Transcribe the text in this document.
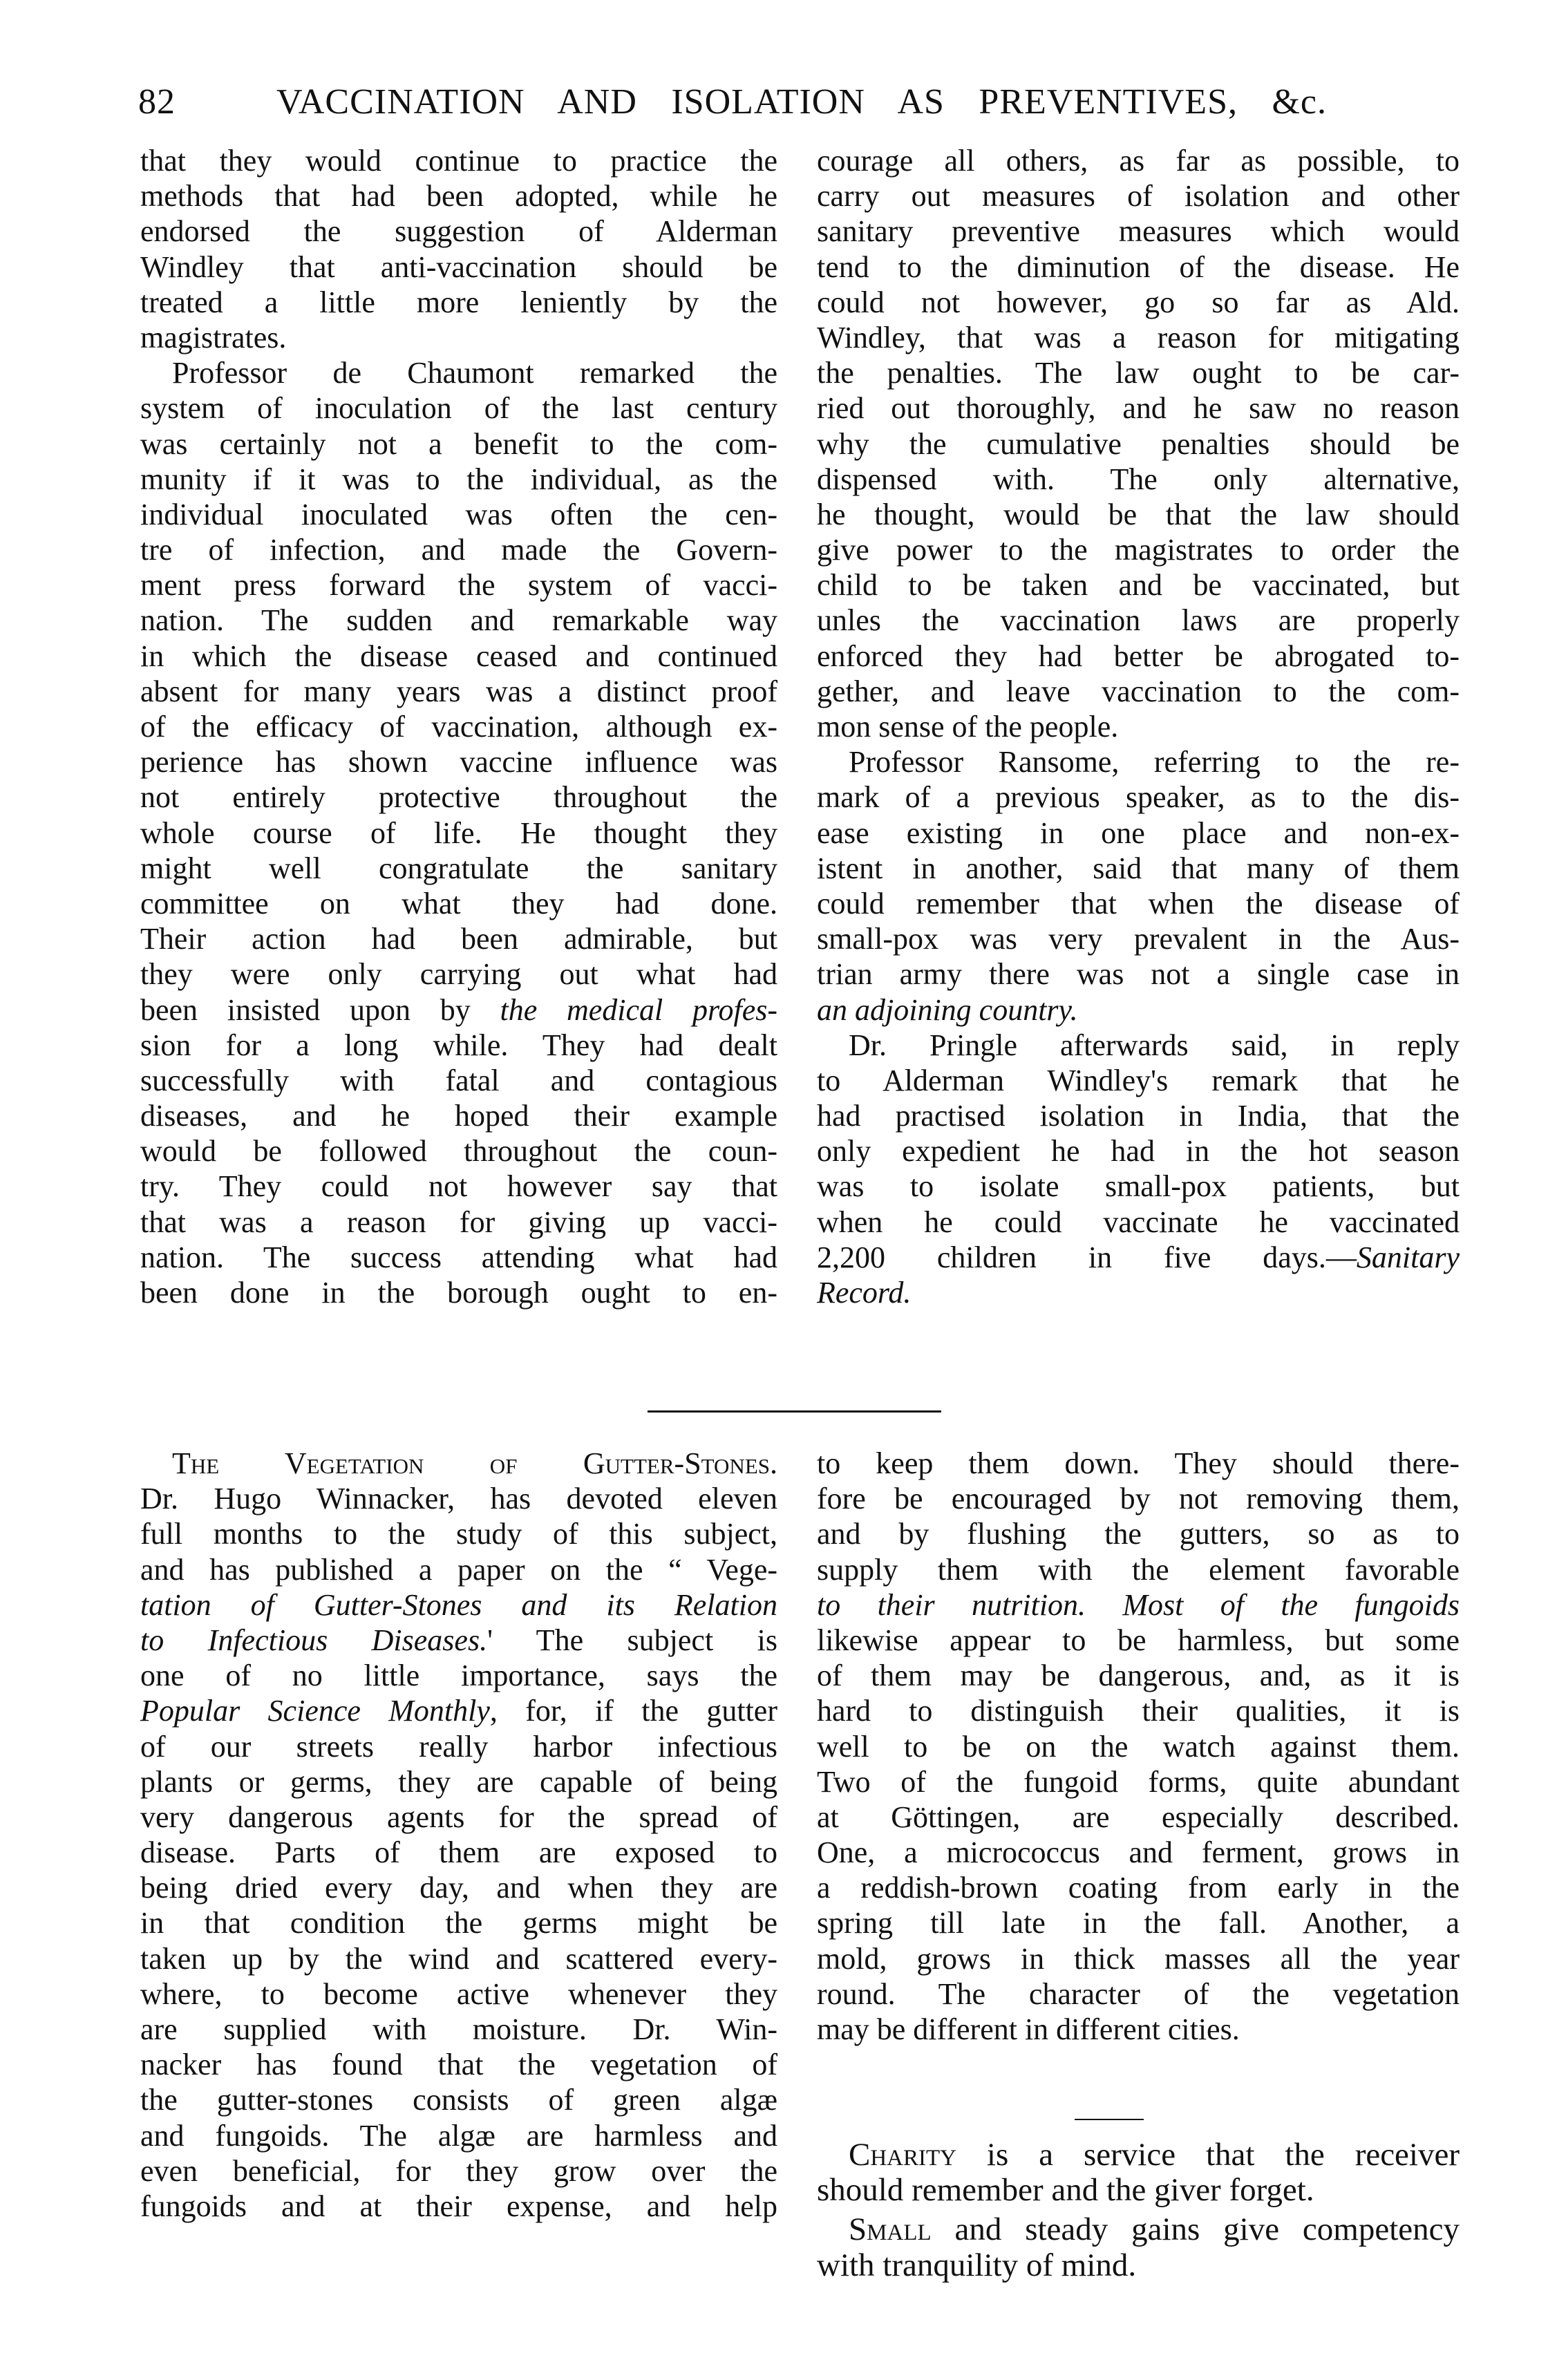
82	VACCINATION AND ISOLATION AS PREVENTIVES, &c.
that they would continue to practice the
methods that had been adopted, while he
endorsed the suggestion of Alderman
Windley that anti-vaccination should be
treated a little more leniently by the
magistrates.
Professor de Chaumont remarked the
system of inoculation of the last century
was certainly not a benefit to the com-
munity if it was to the individual, as the
individual inoculated was often the cen-
tre of infection, and made the Govern-
ment press forward the system of vacci-
nation. The sudden and remarkable way
in which the disease ceased and continued
absent for many years was a distinct proof
of the efficacy of vaccination, although ex-
perience has shown vaccine influence was
not entirely protective throughout the
whole course of life. He thought they
might well congratulate the sanitary
committee on what they had done.
Their action had been admirable, but
they were only carrying out what had
been insisted upon by the medical profes-
sion for a long while. They had dealt
successfully with fatal and contagious
diseases, and he hoped their example
would be followed throughout the coun-
try. They could not however say that
that was a reason for giving up vacci-
nation. The success attending what had
been done in the borough ought to en-
courage all others, as far as possible, to
carry out measures of isolation and other
sanitary preventive measures which would
tend to the diminution of the disease. He
could not however, go so far as Ald.
Windley, that was a reason for mitigating
the penalties. The law ought to be car-
ried out thoroughly, and he saw no reason
why the cumulative penalties should be
dispensed with. The only alternative,
he thought, would be that the law should
give power to the magistrates to order the
child to be taken and be vaccinated, but
unles the vaccination laws are properly
enforced they had better be abrogated to-
gether, and leave vaccination to the com-
mon sense of the people.
Professor Ransome, referring to the re-
mark of a previous speaker, as to the dis-
ease existing in one place and non-ex-
istent in another, said that many of them
could remember that when the disease of
small-pox was very prevalent in the Aus-
trian army there was not a single case in
an adjoining country.
Dr. Pringle afterwards said, in reply
to Alderman Windley's remark that he
had practised isolation in India, that the
only expedient he had in the hot season
was to isolate small-pox patients, but
when he could vaccinate he vaccinated
2,200 children in five days.—Sanitary
Record.
The Vegetation of Gutter-Stones.
Dr. Hugo Winnacker, has devoted eleven
full months to the study of this subject,
and has published a paper on the “ Vege-
tation of Gutter-Stones and its Relation
to Infectious Diseases.' The subject is
one of no little importance, says the
Popular Science Monthly, for, if the gutter
of our streets really harbor infectious
plants or germs, they are capable of being
very dangerous agents for the spread of
disease. Parts of them are exposed to
being dried every day, and when they are
in that condition the germs might be
taken up by the wind and scattered every-
where, to become active whenever they
are supplied with moisture. Dr. Win-
nacker has found that the vegetation of
the gutter-stones consists of green algæ
and fungoids. The algæ are harmless and
even beneficial, for they grow over the
fungoids and at their expense, and help
to keep them down. They should there-
fore be encouraged by not removing them,
and by flushing the gutters, so as to
supply them with the element favorable
to their nutrition. Most of the fungoids
likewise appear to be harmless, but some
of them may be dangerous, and, as it is
hard to distinguish their qualities, it is
well to be on the watch against them.
Two of the fungoid forms, quite abundant
at Göttingen, are especially described.
One, a micrococcus and ferment, grows in
a reddish-brown coating from early in the
spring till late in the fall. Another, a
mold, grows in thick masses all the year
round. The character of the vegetation
may be different in different cities.
Charity is a service that the receiver
should remember and the giver forget.
Small and steady gains give competency
with tranquility of mind.
